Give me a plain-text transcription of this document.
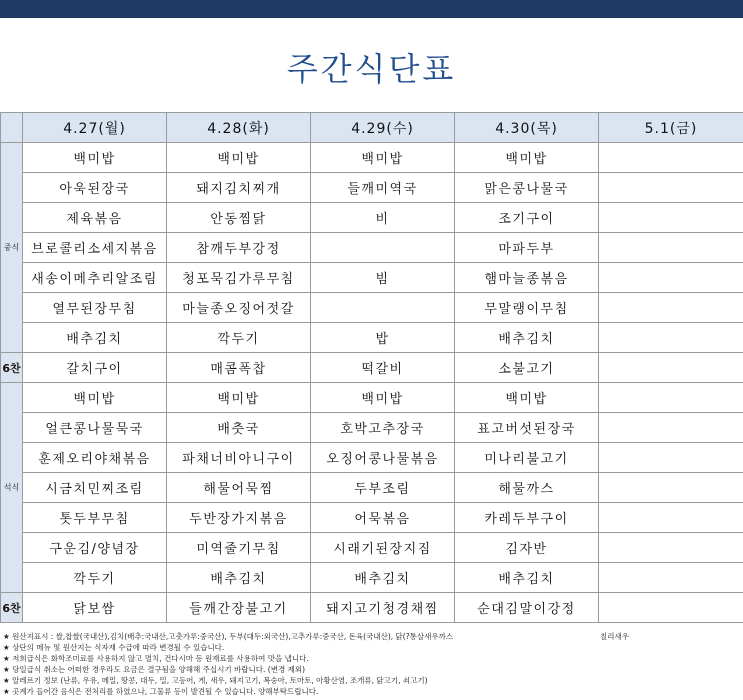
주간식단표
	4.27(월)	4.28(화)	4.29(수)	4.30(목)	5.1(금)
중식	백미밥	백미밥	백미밥	백미밥	
	아욱된장국	돼지김치찌개	들깨미역국	맑은콩나물국	
	제육볶음	안동찜닭	비	조기구이	
	브로콜리소세지볶음	참깨두부강정		마파두부	
	새송이메추리알조림	청포묵김가루무침	빔	햄마늘종볶음	
	열무된장무침	마늘종오징어젓갈		무말랭이무침	
	배추김치	깍두기	밥	배추김치	
6찬	갈치구이	매콤폭찹	떡갈비	소불고기	
석식	백미밥	백미밥	백미밥	백미밥	
	얼큰콩나물묵국	배춧국	호박고추장국	표고버섯된장국	
	훈제오리야채볶음	파채너비아니구이	오징어콩나물볶음	미나리불고기	
	시금치민찌조림	해물어묵찜	두부조림	해물까스	
	톳두부무침	두반장가지볶음	어묵볶음	카레두부구이	
	구운김/양념장	미역줄기무침	시래기된장지짐	김자반	
	깍두기	배추김치	배추김치	배추김치	
6찬	닭보쌈	들깨간장불고기	돼지고기청경채찜	순대김말이강정	
★ 원산지표시 : 쌀,찹쌀(국내산),김치(배추:국내산,고춧가루:중국산), 두부(대두:외국산),고추가루:중국산, 돈육(국내산), 닭(?통살새우까스
★ 상단의 메뉴 및 원산지는 식자재 수급에 따라 변경될 수 있습니다.
★ 저희급식은 화학조미료를 사용하지 않고 멸치, 건다시마 등 원재료를 사용하여 맛을 냅니다.
★ 당일급식 취소는 어떠한 경우라도 요금은 결구됨을 양해해 주십시기 바랍니다. (변경 제외)
★ 알레르기 정보 (난류, 우유, 메밀, 땅콩, 대두, 밀, 고등어, 게, 새우, 돼지고기, 복숭아, 토마토, 아황산염, 조개류, 닭고기, 쇠고기)
★ 곳계가 들어간 음식은 전처리를 하였으나, 그물류 등이 발견될 수 있습니다. 양해부탁드립니다.
칠리새우
